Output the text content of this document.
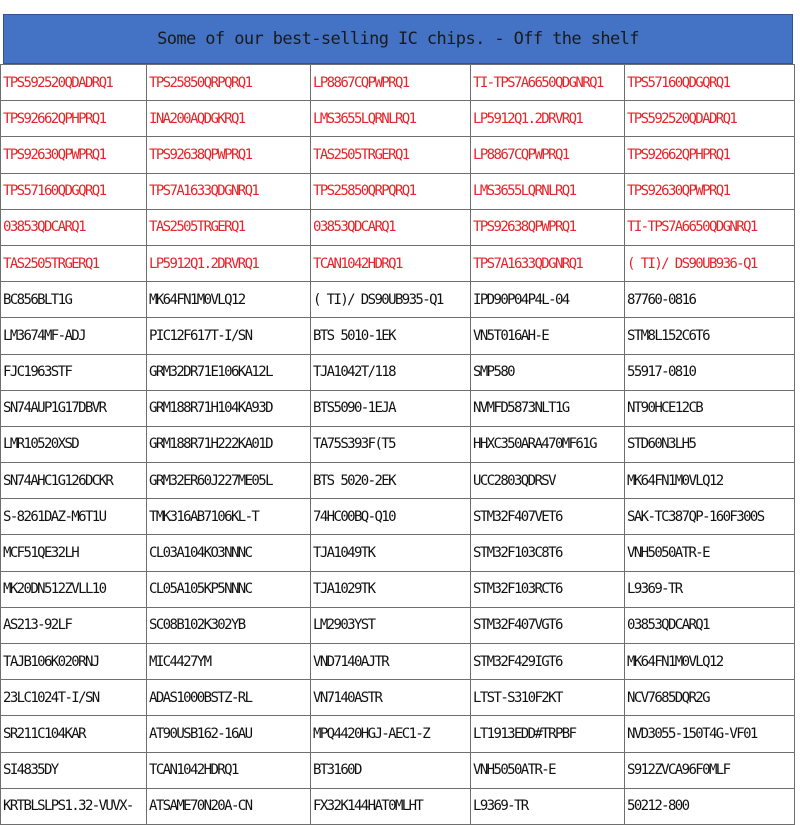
Some of our best-selling IC chips. - Off the shelf
TPS592520QDADRQ1	TPS25850QRPQRQ1	LP8867CQPWPRQ1	TI-TPS7A6650QDGNRQ1	TPS57160QDGQRQ1
TPS92662QPHPRQ1	INA200AQDGKRQ1	LMS3655LQRNLRQ1	LP5912Q1.2DRVRQ1	TPS592520QDADRQ1
TPS92630QPWPRQ1	TPS92638QPWPRQ1	TAS2505TRGERQ1	LP8867CQPWPRQ1	TPS92662QPHPRQ1
TPS57160QDGQRQ1	TPS7A1633QDGNRQ1	TPS25850QRPQRQ1	LMS3655LQRNLRQ1	TPS92630QPWPRQ1
03853QDCARQ1	TAS2505TRGERQ1	03853QDCARQ1	TPS92638QPWPRQ1	TI-TPS7A6650QDGNRQ1
TAS2505TRGERQ1	LP5912Q1.2DRVRQ1	TCAN1042HDRQ1	TPS7A1633QDGNRQ1	( TI)/ DS90UB936-Q1
BC856BLT1G	MK64FN1M0VLQ12	( TI)/ DS90UB935-Q1	IPD90P04P4L-04	87760-0816
LM3674MF-ADJ	PIC12F617T-I/SN	BTS 5010-1EK	VN5T016AH-E	STM8L152C6T6
FJC1963STF	GRM32DR71E106KA12L	TJA1042T/118	SMP580	55917-0810
SN74AUP1G17DBVR	GRM188R71H104KA93D	BTS5090-1EJA	NVMFD5873NLT1G	NT90HCE12CB
LMR10520XSD	GRM188R71H222KA01D	TA75S393F(T5	HHXC350ARA470MF61G	STD60N3LH5
SN74AHC1G126DCKR	GRM32ER60J227ME05L	BTS 5020-2EK	UCC2803QDRSV	MK64FN1M0VLQ12
S-8261DAZ-M6T1U	TMK316AB7106KL-T	74HC00BQ-Q10	STM32F407VET6	SAK-TC387QP-160F300S
MCF51QE32LH	CL03A104KO3NNNC	TJA1049TK	STM32F103C8T6	VNH5050ATR-E
MK20DN512ZVLL10	CL05A105KP5NNNC	TJA1029TK	STM32F103RCT6	L9369-TR
AS213-92LF	SC08B102K302YB	LM2903YST	STM32F407VGT6	03853QDCARQ1
TAJB106K020RNJ	MIC4427YM	VND7140AJTR	STM32F429IGT6	MK64FN1M0VLQ12
23LC1024T-I/SN	ADAS1000BSTZ-RL	VN7140ASTR	LTST-S310F2KT	NCV7685DQR2G
SR211C104KAR	AT90USB162-16AU	MPQ4420HGJ-AEC1-Z	LT1913EDD#TRPBF	NVD3055-150T4G-VF01
SI4835DY	TCAN1042HDRQ1	BT3160D	VNH5050ATR-E	S912ZVCA96F0MLF
KRTBLSLPS1.32-VUVX-	ATSAME70N20A-CN	FX32K144HAT0MLHT	L9369-TR	50212-800
